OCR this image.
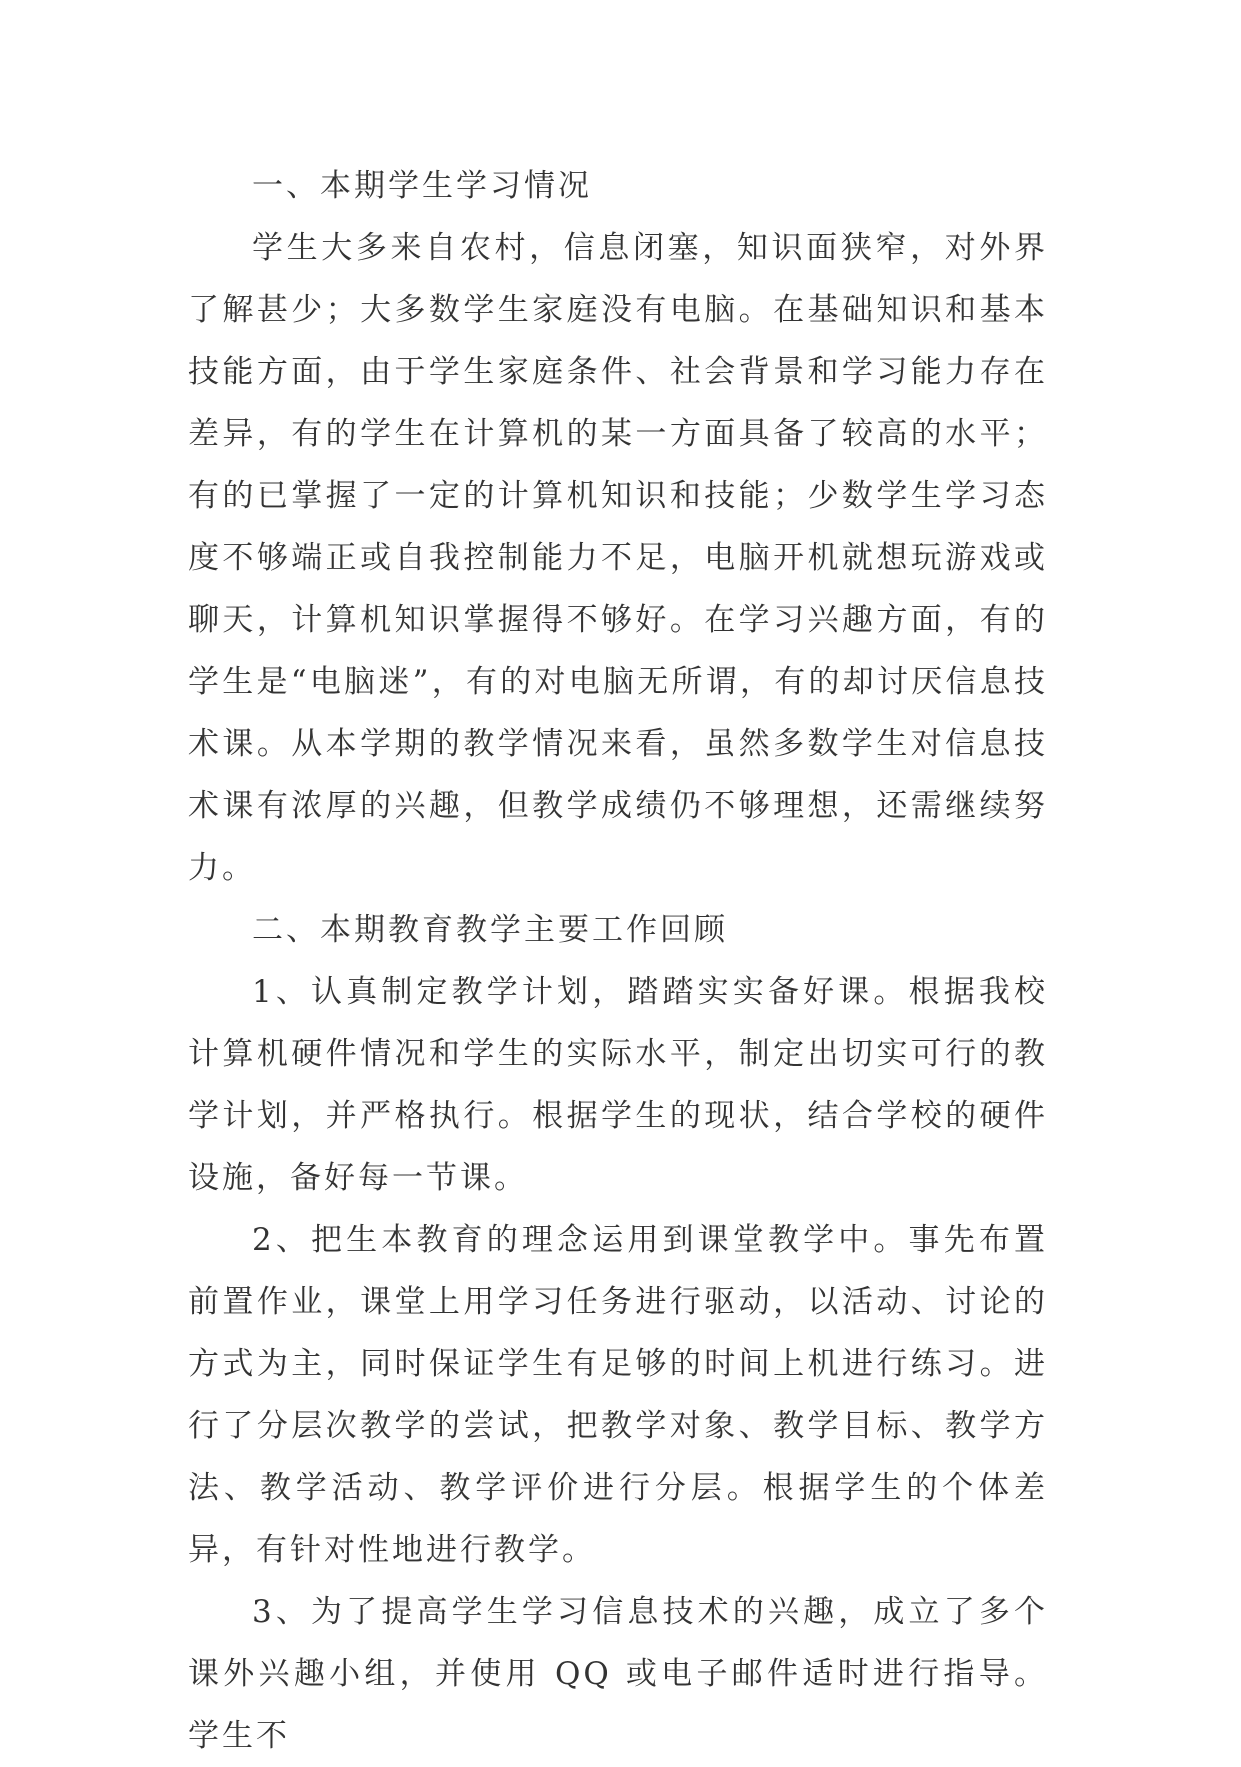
一、本期学生学习情况

学生大多来自农村，信息闭塞，知识面狭窄，对外界了解甚少；大多数学生家庭没有电脑。在基础知识和基本技能方面，由于学生家庭条件、社会背景和学习能力存在差异，有的学生在计算机的某一方面具备了较高的水平；有的已掌握了一定的计算机知识和技能；少数学生学习态度不够端正或自我控制能力不足，电脑开机就想玩游戏或聊天，计算机知识掌握得不够好。在学习兴趣方面，有的学生是“电脑迷”，有的对电脑无所谓，有的却讨厌信息技术课。从本学期的教学情况来看，虽然多数学生对信息技术课有浓厚的兴趣，但教学成绩仍不够理想，还需继续努力。

二、本期教育教学主要工作回顾

1、认真制定教学计划，踏踏实实备好课。根据我校计算机硬件情况和学生的实际水平，制定出切实可行的教学计划，并严格执行。根据学生的现状，结合学校的硬件设施，备好每一节课。

2、把生本教育的理念运用到课堂教学中。事先布置前置作业，课堂上用学习任务进行驱动，以活动、讨论的方式为主，同时保证学生有足够的时间上机进行练习。进行了分层次教学的尝试，把教学对象、教学目标、教学方法、教学活动、教学评价进行分层。根据学生的个体差异，有针对性地进行教学。

3、为了提高学生学习信息技术的兴趣，成立了多个课外兴趣小组，并使用 QQ 或电子邮件适时进行指导。学生不
